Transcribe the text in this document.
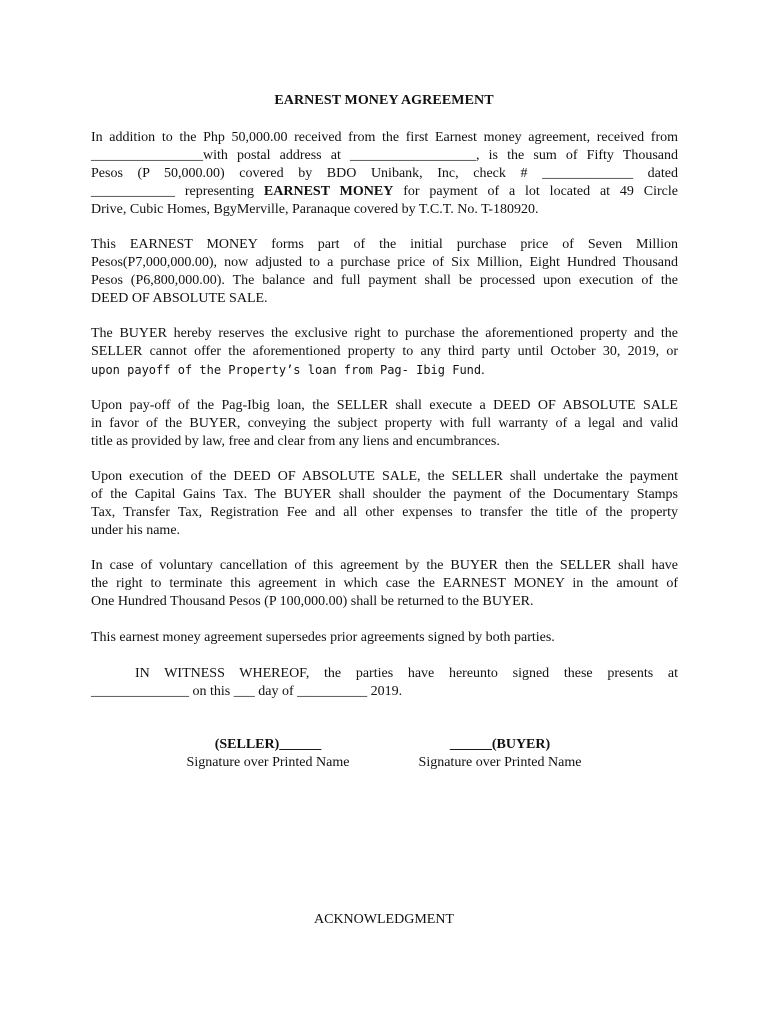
EARNEST MONEY AGREEMENT
In addition to the Php 50,000.00 received from the first Earnest money agreement, received from
________________with postal address at __________________, is the sum of Fifty Thousand
Pesos (P 50,000.00) covered by BDO Unibank, Inc, check # _____________ dated
____________ representing EARNEST MONEY for payment of a lot located at 49 Circle
Drive, Cubic Homes, BgyMerville, Paranaque covered by T.C.T. No. T-180920.
This EARNEST MONEY forms part of the initial purchase price of Seven Million
Pesos(P7,000,000.00), now adjusted to a purchase price of Six Million, Eight Hundred Thousand
Pesos (P6,800,000.00). The balance and full payment shall be processed upon execution of the
DEED OF ABSOLUTE SALE.
The BUYER hereby reserves the exclusive right to purchase the aforementioned property and the
SELLER cannot offer the aforementioned property to any third party until October 30, 2019, or
upon payoff of the Property’s loan from Pag- Ibig Fund.
Upon pay-off of the Pag-Ibig loan, the SELLER shall execute a DEED OF ABSOLUTE SALE
in favor of the BUYER, conveying the subject property with full warranty of a legal and valid
title as provided by law, free and clear from any liens and encumbrances.
Upon execution of the DEED OF ABSOLUTE SALE, the SELLER shall undertake the payment
of the Capital Gains Tax. The BUYER shall shoulder the payment of the Documentary Stamps
Tax, Transfer Tax, Registration Fee and all other expenses to transfer the title of the property
under his name.
In case of voluntary cancellation of this agreement by the BUYER then the SELLER shall have
the right to terminate this agreement in which case the EARNEST MONEY in the amount of
One Hundred Thousand Pesos (P 100,000.00) shall be returned to the BUYER.
This earnest money agreement supersedes prior agreements signed by both parties.
IN WITNESS WHEREOF, the parties have hereunto signed these presents at
______________ on this ___ day of __________ 2019.
(SELLER)______
Signature over Printed Name
______(BUYER)
Signature over Printed Name
ACKNOWLEDGMENT
